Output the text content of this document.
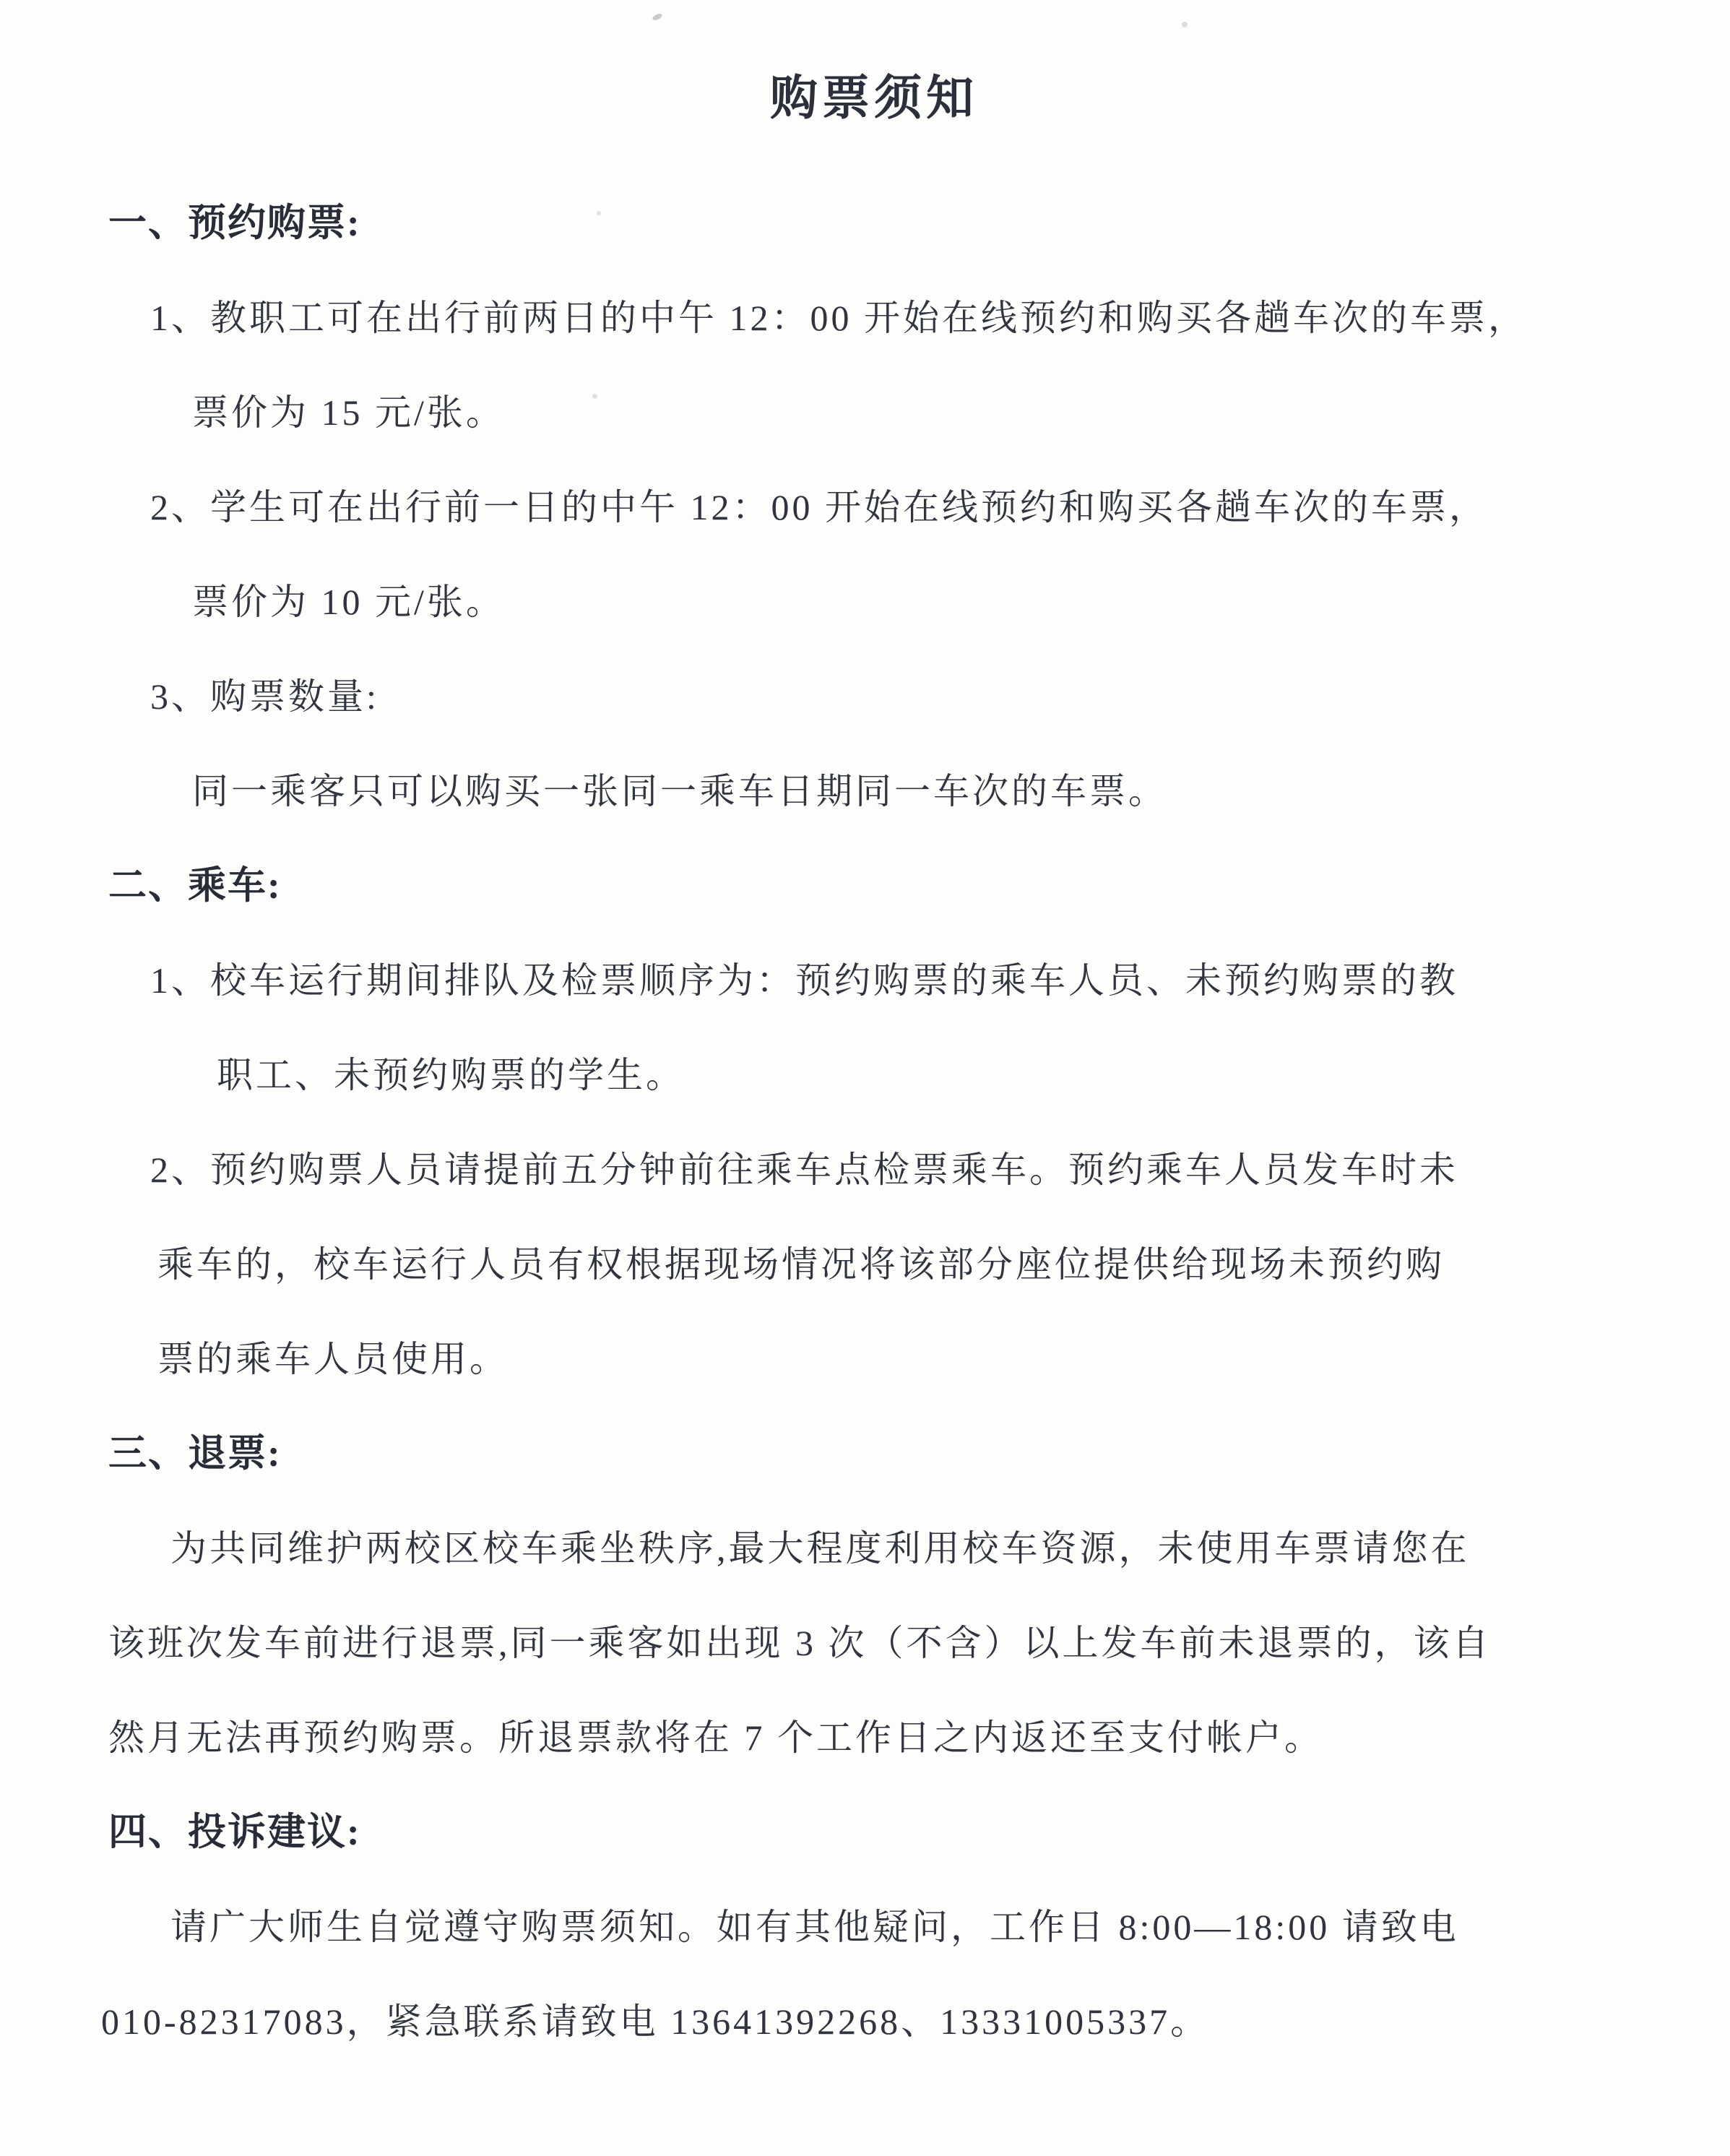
购票须知
一、预约购票:
1、教职工可在出行前两日的中午 12：00 开始在线预约和购买各趟车次的车票，
票价为 15 元/张。
2、学生可在出行前一日的中午 12：00 开始在线预约和购买各趟车次的车票，
票价为 10 元/张。
3、购票数量:
同一乘客只可以购买一张同一乘车日期同一车次的车票。
二、乘车:
1、校车运行期间排队及检票顺序为：预约购票的乘车人员、未预约购票的教
职工、未预约购票的学生。
2、预约购票人员请提前五分钟前往乘车点检票乘车。预约乘车人员发车时未
乘车的，校车运行人员有权根据现场情况将该部分座位提供给现场未预约购
票的乘车人员使用。
三、退票:
为共同维护两校区校车乘坐秩序,最大程度利用校车资源，未使用车票请您在
该班次发车前进行退票,同一乘客如出现 3 次（不含）以上发车前未退票的，该自
然月无法再预约购票。所退票款将在 7 个工作日之内返还至支付帐户。
四、投诉建议:
请广大师生自觉遵守购票须知。如有其他疑问，工作日 8:00—18:00 请致电
010-82317083，紧急联系请致电 13641392268、13331005337。
